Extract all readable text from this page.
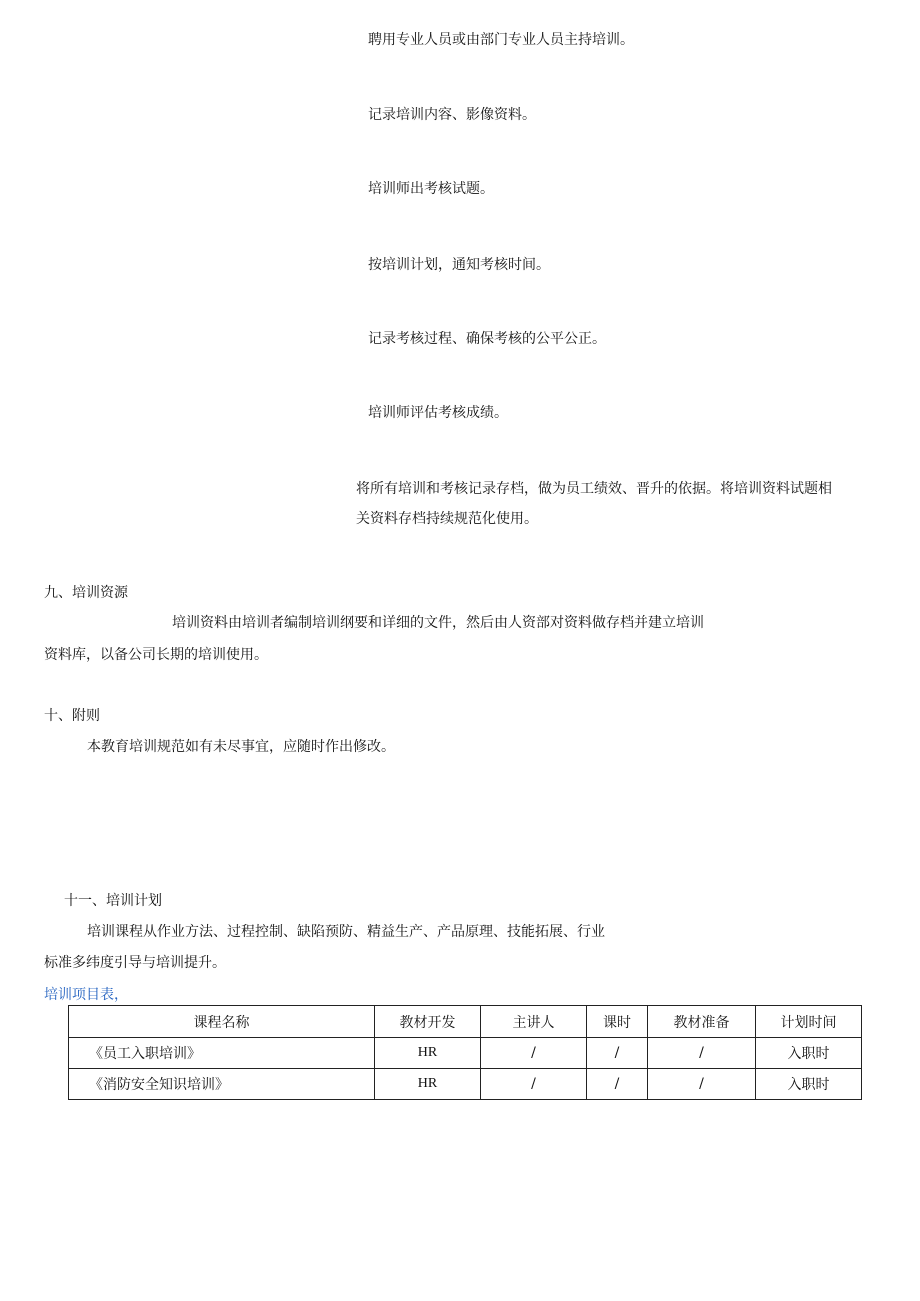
聘用专业人员或由部门专业人员主持培训。
记录培训内容、影像资料。
培训师出考核试题。
按培训计划，通知考核时间。
记录考核过程、确保考核的公平公正。
培训师评估考核成绩。
将所有培训和考核记录存档，做为员工绩效、晋升的依据。将培训资料试题相
关资料存档持续规范化使用。
九、培训资源
培训资料由培训者编制培训纲要和详细的文件，然后由人资部对资料做存档并建立培训
资料库，以备公司长期的培训使用。
十、附则
本教育培训规范如有未尽事宜，应随时作出修改。
十一、培训计划
培训课程从作业方法、过程控制、缺陷预防、精益生产、产品原理、技能拓展、行业
标准多纬度引导与培训提升。
培训项目表，
课程名称	教材开发	主讲人	课时	教材准备	计划时间
《员工入职培训》	HR	/	/	/	入职时
《消防安全知识培训》	HR	/	/	/	入职时
